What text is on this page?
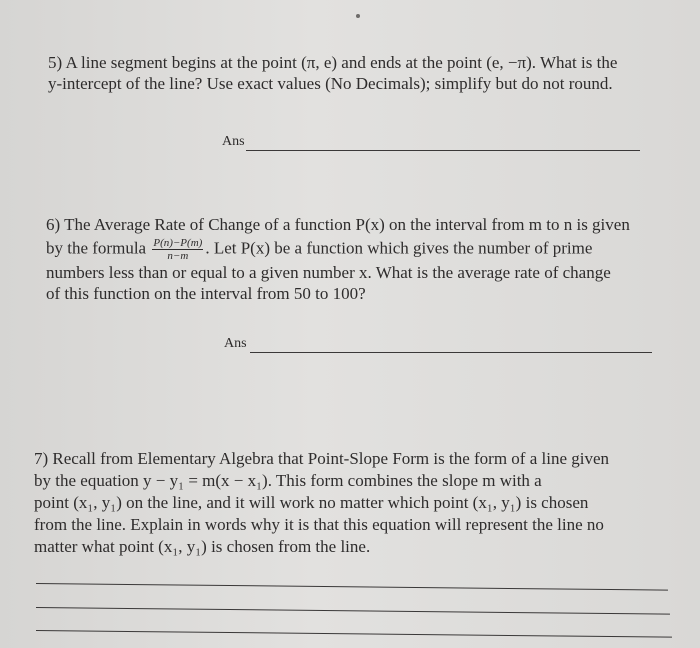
5) A line segment begins at the point (π, e) and ends at the point (e, −π). What is the
y-intercept of the line? Use exact values (No Decimals); simplify but do not round.
Ans
6) The Average Rate of Change of a function P(x) on the interval from m to n is given
by the formula $\frac{P(n)-P(m)}{n-m}$ . Let P(x) be a function which gives the number of prime
numbers less than or equal to a given number x. What is the average rate of change
of this function on the interval from 50 to 100?
Ans
7) Recall from Elementary Algebra that Point-Slope Form is the form of a line given
by the equation y − y₁ = m(x − x₁). This form combines the slope m with a
point (x₁, y₁) on the line, and it will work no matter which point (x₁, y₁) is chosen
from the line. Explain in words why it is that this equation will represent the line no
matter what point (x₁, y₁) is chosen from the line.
